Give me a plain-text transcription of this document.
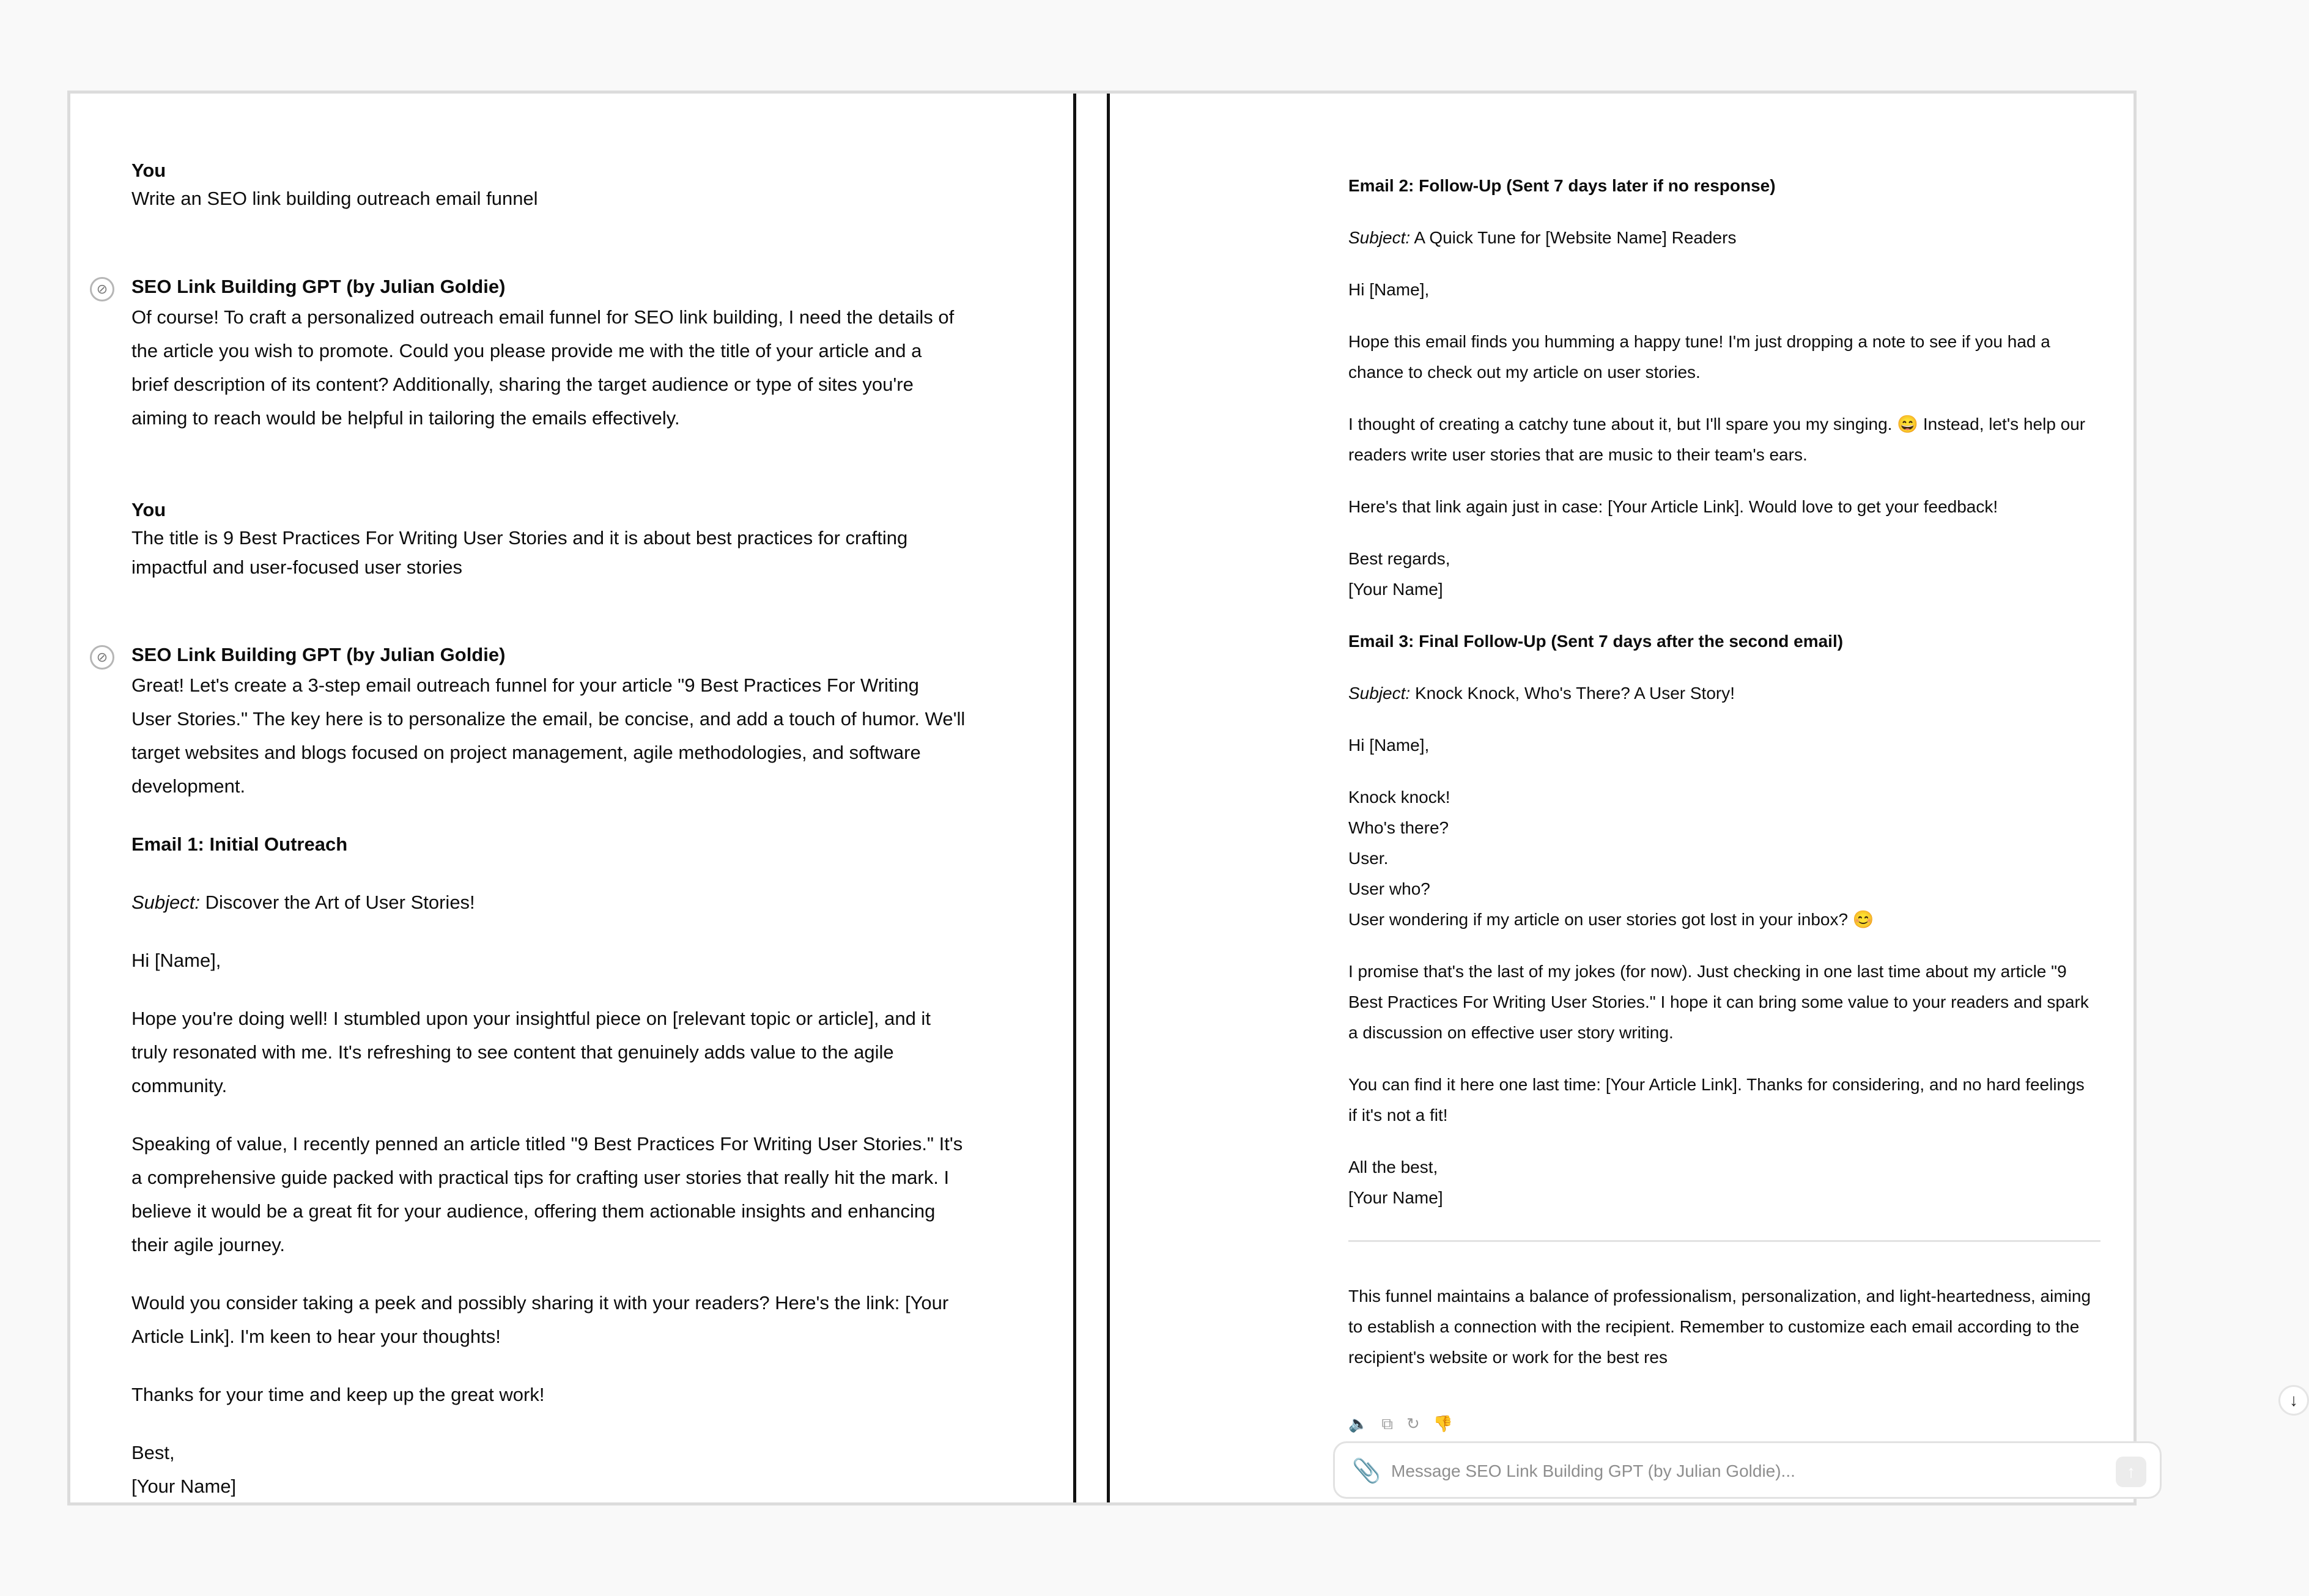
You
Write an SEO link building outreach email funnel
⊘	SEO Link Building GPT (by Julian Goldie)

Of course! To craft a personalized outreach email funnel for SEO link building, I need the details of

the article you wish to promote. Could you please provide me with the title of your article and a

brief description of its content? Additionally, sharing the target audience or type of sites you're

aiming to reach would be helpful in tailoring the emails effectively.

You
The title is 9 Best Practices For Writing User Stories and it is about best practices for crafting
impactful and user-focused user stories
⊘	SEO Link Building GPT (by Julian Goldie)

Great! Let's create a 3-step email outreach funnel for your article "9 Best Practices For Writing

User Stories." The key here is to personalize the email, be concise, and add a touch of humor. We'll

target websites and blogs focused on project management, agile methodologies, and software

development.

Email 1: Initial Outreach

Subject: Discover the Art of User Stories!

Hi [Name],

Hope you're doing well! I stumbled upon your insightful piece on [relevant topic or article], and it

truly resonated with me. It's refreshing to see content that genuinely adds value to the agile

community.

Speaking of value, I recently penned an article titled "9 Best Practices For Writing User Stories." It's

a comprehensive guide packed with practical tips for crafting user stories that really hit the mark. I

believe it would be a great fit for your audience, offering them actionable insights and enhancing

their agile journey.

Would you consider taking a peek and possibly sharing it with your readers? Here's the link: [Your

Article Link]. I'm keen to hear your thoughts!

Thanks for your time and keep up the great work!

Best,

[Your Name]

Email 2: Follow-Up (Sent 7 days later if no response)

Subject: A Quick Tune for [Website Name] Readers

Hi [Name],

Hope this email finds you humming a happy tune! I'm just dropping a note to see if you had a

chance to check out my article on user stories.

I thought of creating a catchy tune about it, but I'll spare you my singing. 😄 Instead, let's help our

readers write user stories that are music to their team's ears.

Here's that link again just in case: [Your Article Link]. Would love to get your feedback!

Best regards,

[Your Name]

Email 3: Final Follow-Up (Sent 7 days after the second email)

Subject: Knock Knock, Who's There? A User Story!

Hi [Name],

Knock knock!

Who's there?

User.

User who?

User wondering if my article on user stories got lost in your inbox? 😊

I promise that's the last of my jokes (for now). Just checking in one last time about my article "9

Best Practices For Writing User Stories." I hope it can bring some value to your readers and spark

a discussion on effective user story writing.

You can find it here one last time: [Your Article Link]. Thanks for considering, and no hard feelings

if it's not a fit!

All the best,

[Your Name]

This funnel maintains a balance of professionalism, personalization, and light-heartedness, aiming

to establish a connection with the recipient. Remember to customize each email according to the

recipient's website or work for the best res

🔈 ⧉ ↻ 👎
↓
📎
Message SEO Link Building GPT (by Julian Goldie)...	↑
